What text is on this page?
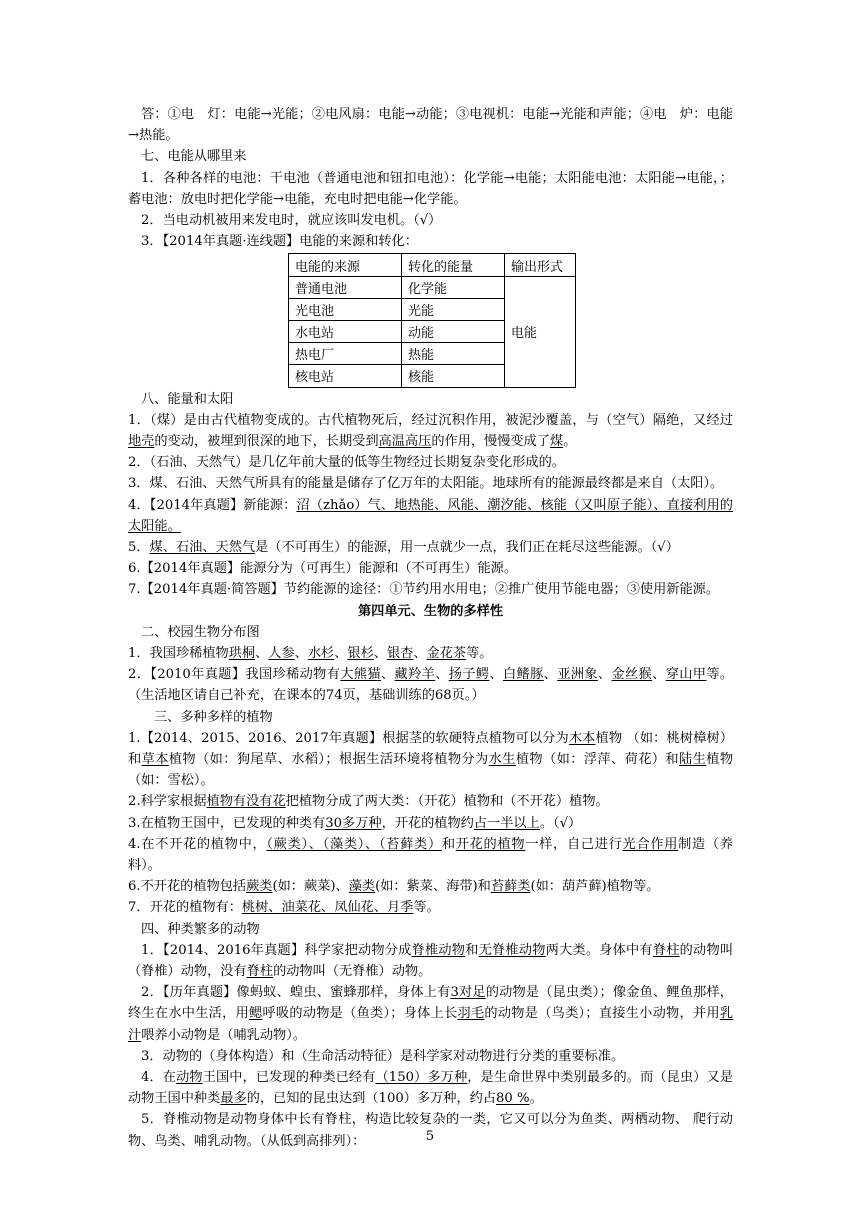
答：①电　灯：电能→光能；②电风扇：电能→动能；③电视机：电能→光能和声能；④电　炉：电能→热能。

七、电能从哪里来

1．各种各样的电池：干电池（普通电池和钮扣电池）：化学能→电能；太阳能电池：太阳能→电能，；蓄电池：放电时把化学能→电能，充电时把电能→化学能。

2．当电动机被用来发电时，就应该叫发电机。（√）

3．【2014年真题·连线题】电能的来源和转化：

电能的来源	转化的能量	输出形式
普通电池	化学能	电能
光电池	光能	
水电站	动能	
热电厂	热能	
核电站	核能	

八、能量和太阳

1．（煤）是由古代植物变成的。古代植物死后，经过沉积作用，被泥沙覆盖，与（空气）隔绝，又经过地壳的变动，被埋到很深的地下，长期受到高温高压的作用，慢慢变成了煤。

2．（石油、天然气）是几亿年前大量的低等生物经过长期复杂变化形成的。

3．煤、石油、天然气所具有的能量是储存了亿万年的太阳能。地球所有的能源最终都是来自（太阳）。

4．【2014年真题】新能源：沼（zhǎo）气、地热能、风能、潮汐能、核能（又叫原子能）、直接利用的太阳能。

5．煤、石油、天然气是（不可再生）的能源，用一点就少一点，我们正在耗尽这些能源。（√）

6.【2014年真题】能源分为（可再生）能源和（不可再生）能源。

7.【2014年真题·简答题】节约能源的途径：①节约用水用电；②推广使用节能电器；③使用新能源。

第四单元、生物的多样性

二、校园生物分布图

1．我国珍稀植物珙桐、人参、水杉、银杉、银杏、金花茶等。

2．【2010年真题】我国珍稀动物有大熊猫、藏羚羊、扬子鳄、白鳍豚、亚洲象、金丝猴、穿山甲等。（生活地区请自己补充，在课本的74页，基础训练的68页。）

三、多种多样的植物

1.【2014、2015、2016、2017年真题】根据茎的软硬特点植物可以分为木本植物 （如：桃树樟树）和草本植物（如：狗尾草、水稻）；根据生活环境将植物分为水生植物（如：浮萍、荷花）和陆生植物（如：雪松）。

2.科学家根据植物有没有花把植物分成了两大类：（开花）植物和（不开花）植物。

3.在植物王国中，已发现的种类有30多万种，开花的植物约占一半以上。（√）

4.在不开花的植物中，（蕨类）、（藻类）、（苔藓类）和开花的植物一样，自己进行光合作用制造（养料）。

6.不开花的植物包括蕨类(如：蕨菜)、藻类(如：紫菜、海带)和苔藓类(如：葫芦藓)植物等。

7．开花的植物有：桃树、油菜花、凤仙花、月季等。

四、种类繁多的动物

1．【2014、2016年真题】科学家把动物分成脊椎动物和无脊椎动物两大类。身体中有脊柱的动物叫（脊椎）动物，没有脊柱的动物叫（无脊椎）动物。

2．【历年真题】像蚂蚁、蝗虫、蜜蜂那样，身体上有3对足的动物是（昆虫类）；像金鱼、鲤鱼那样，终生在水中生活，用鳃呼吸的动物是（鱼类）；身体上长羽毛的动物是（鸟类）；直接生小动物，并用乳汁喂养小动物是（哺乳动物）。

3．动物的（身体构造）和（生命活动特征）是科学家对动物进行分类的重要标准。

4．在动物王国中，已发现的种类已经有（150）多万种，是生命世界中类别最多的。而（昆虫）又是动物王国中种类最多的，已知的昆虫达到（100）多万种，约占80 %。

5．脊椎动物是动物身体中长有脊柱，构造比较复杂的一类，它又可以分为鱼类、两栖动物、 爬行动物、鸟类、哺乳动物。（从低到高排列）：	5
